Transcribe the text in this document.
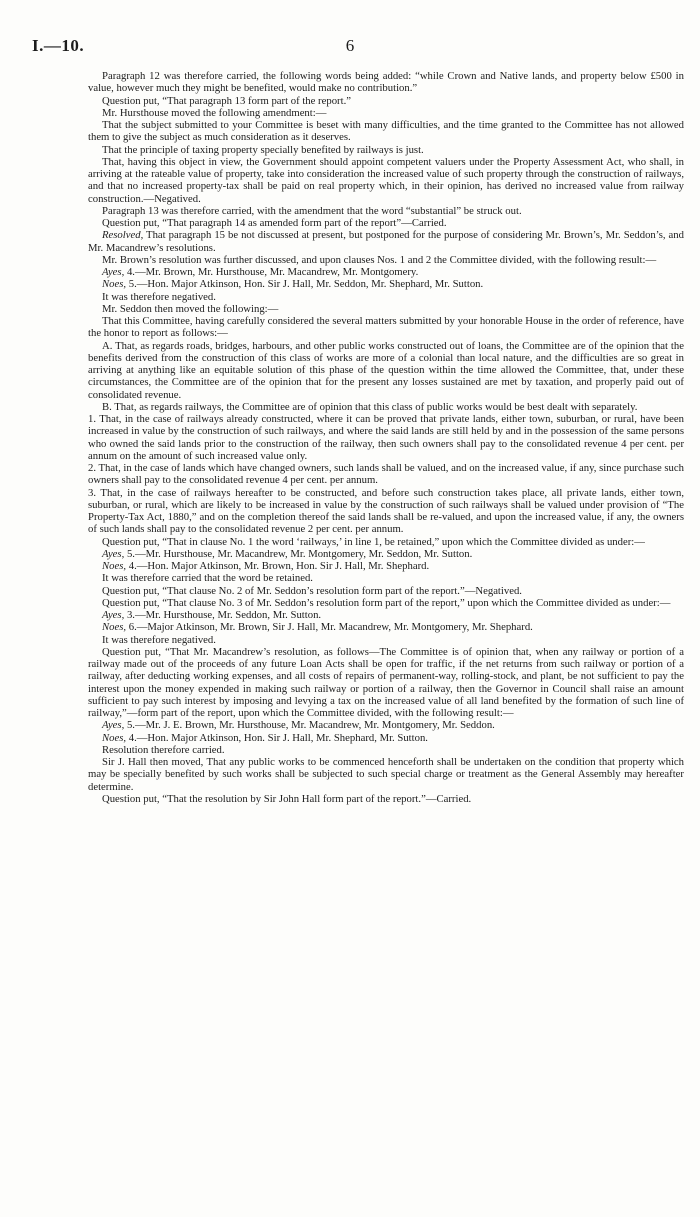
I.—10.	6

Paragraph 12 was therefore carried, the following words being added: “while Crown and Native lands, and property below £500 in value, however much they might be benefited, would make no contribution.”

Question put, “That paragraph 13 form part of the report.”

Mr. Hursthouse moved the following amendment:—

That the subject submitted to your Committee is beset with many difficulties, and the time granted to the Committee has not allowed them to give the subject as much consideration as it deserves.

That the principle of taxing property specially benefited by railways is just.

That, having this object in view, the Government should appoint competent valuers under the Property Assessment Act, who shall, in arriving at the rateable value of property, take into consideration the increased value of such property through the construction of railways, and that no increased property-tax shall be paid on real property which, in their opinion, has derived no increased value from railway construction.—Negatived.

Paragraph 13 was therefore carried, with the amendment that the word “substantial” be struck out.

Question put, “That paragraph 14 as amended form part of the report”—Carried.

Resolved, That paragraph 15 be not discussed at present, but postponed for the purpose of considering Mr. Brown’s, Mr. Seddon’s, and Mr. Macandrew’s resolutions.

Mr. Brown’s resolution was further discussed, and upon clauses Nos. 1 and 2 the Committee divided, with the following result:—

Ayes, 4.—Mr. Brown, Mr. Hursthouse, Mr. Macandrew, Mr. Montgomery.

Noes, 5.—Hon. Major Atkinson, Hon. Sir J. Hall, Mr. Seddon, Mr. Shephard, Mr. Sutton.

It was therefore negatived.

Mr. Seddon then moved the following:—

That this Committee, having carefully considered the several matters submitted by your honorable House in the order of reference, have the honor to report as follows:—

A. That, as regards roads, bridges, harbours, and other public works constructed out of loans, the Committee are of the opinion that the benefits derived from the construction of this class of works are more of a colonial than local nature, and the difficulties are so great in arriving at anything like an equitable solution of this phase of the question within the time allowed the Committee, that, under these circumstances, the Committee are of the opinion that for the present any losses sustained are met by taxation, and properly paid out of consolidated revenue.

B. That, as regards railways, the Committee are of opinion that this class of public works would be best dealt with separately.

1. That, in the case of railways already constructed, where it can be proved that private lands, either town, suburban, or rural, have been increased in value by the construction of such railways, and where the said lands are still held by and in the possession of the same persons who owned the said lands prior to the construction of the railway, then such owners shall pay to the consolidated revenue 4 per cent. per annum on the amount of such increased value only.

2. That, in the case of lands which have changed owners, such lands shall be valued, and on the increased value, if any, since purchase such owners shall pay to the consolidated revenue 4 per cent. per annum.

3. That, in the case of railways hereafter to be constructed, and before such construction takes place, all private lands, either town, suburban, or rural, which are likely to be increased in value by the construction of such railways shall be valued under provision of “The Property-Tax Act, 1880,” and on the completion thereof the said lands shall be re-valued, and upon the increased value, if any, the owners of such lands shall pay to the consolidated revenue 2 per cent. per annum.

Question put, “That in clause No. 1 the word ‘railways,’ in line 1, be retained,” upon which the Committee divided as under:—

Ayes, 5.—Mr. Hursthouse, Mr. Macandrew, Mr. Montgomery, Mr. Seddon, Mr. Sutton.

Noes, 4.—Hon. Major Atkinson, Mr. Brown, Hon. Sir J. Hall, Mr. Shephard.

It was therefore carried that the word be retained.

Question put, “That clause No. 2 of Mr. Seddon’s resolution form part of the report.”—Negatived.

Question put, “That clause No. 3 of Mr. Seddon’s resolution form part of the report,” upon which the Committee divided as under:—

Ayes, 3.—Mr. Hursthouse, Mr. Seddon, Mr. Sutton.

Noes, 6.—Major Atkinson, Mr. Brown, Sir J. Hall, Mr. Macandrew, Mr. Montgomery, Mr. Shephard.

It was therefore negatived.

Question put, “That Mr. Macandrew’s resolution, as follows—The Committee is of opinion that, when any railway or portion of a railway made out of the proceeds of any future Loan Acts shall be open for traffic, if the net returns from such railway or portion of a railway, after deducting working expenses, and all costs of repairs of permanent-way, rolling-stock, and plant, be not sufficient to pay the interest upon the money expended in making such railway or portion of a railway, then the Governor in Council shall raise an amount sufficient to pay such interest by imposing and levying a tax on the increased value of all land benefited by the formation of such line of railway,”—form part of the report, upon which the Committee divided, with the following result:—

Ayes, 5.—Mr. J. E. Brown, Mr. Hursthouse, Mr. Macandrew, Mr. Montgomery, Mr. Seddon.

Noes, 4.—Hon. Major Atkinson, Hon. Sir J. Hall, Mr. Shephard, Mr. Sutton.

Resolution therefore carried.

Sir J. Hall then moved, That any public works to be commenced henceforth shall be undertaken on the condition that property which may be specially benefited by such works shall be subjected to such special charge or treatment as the General Assembly may hereafter determine.

Question put, “That the resolution by Sir John Hall form part of the report.”—Carried.
